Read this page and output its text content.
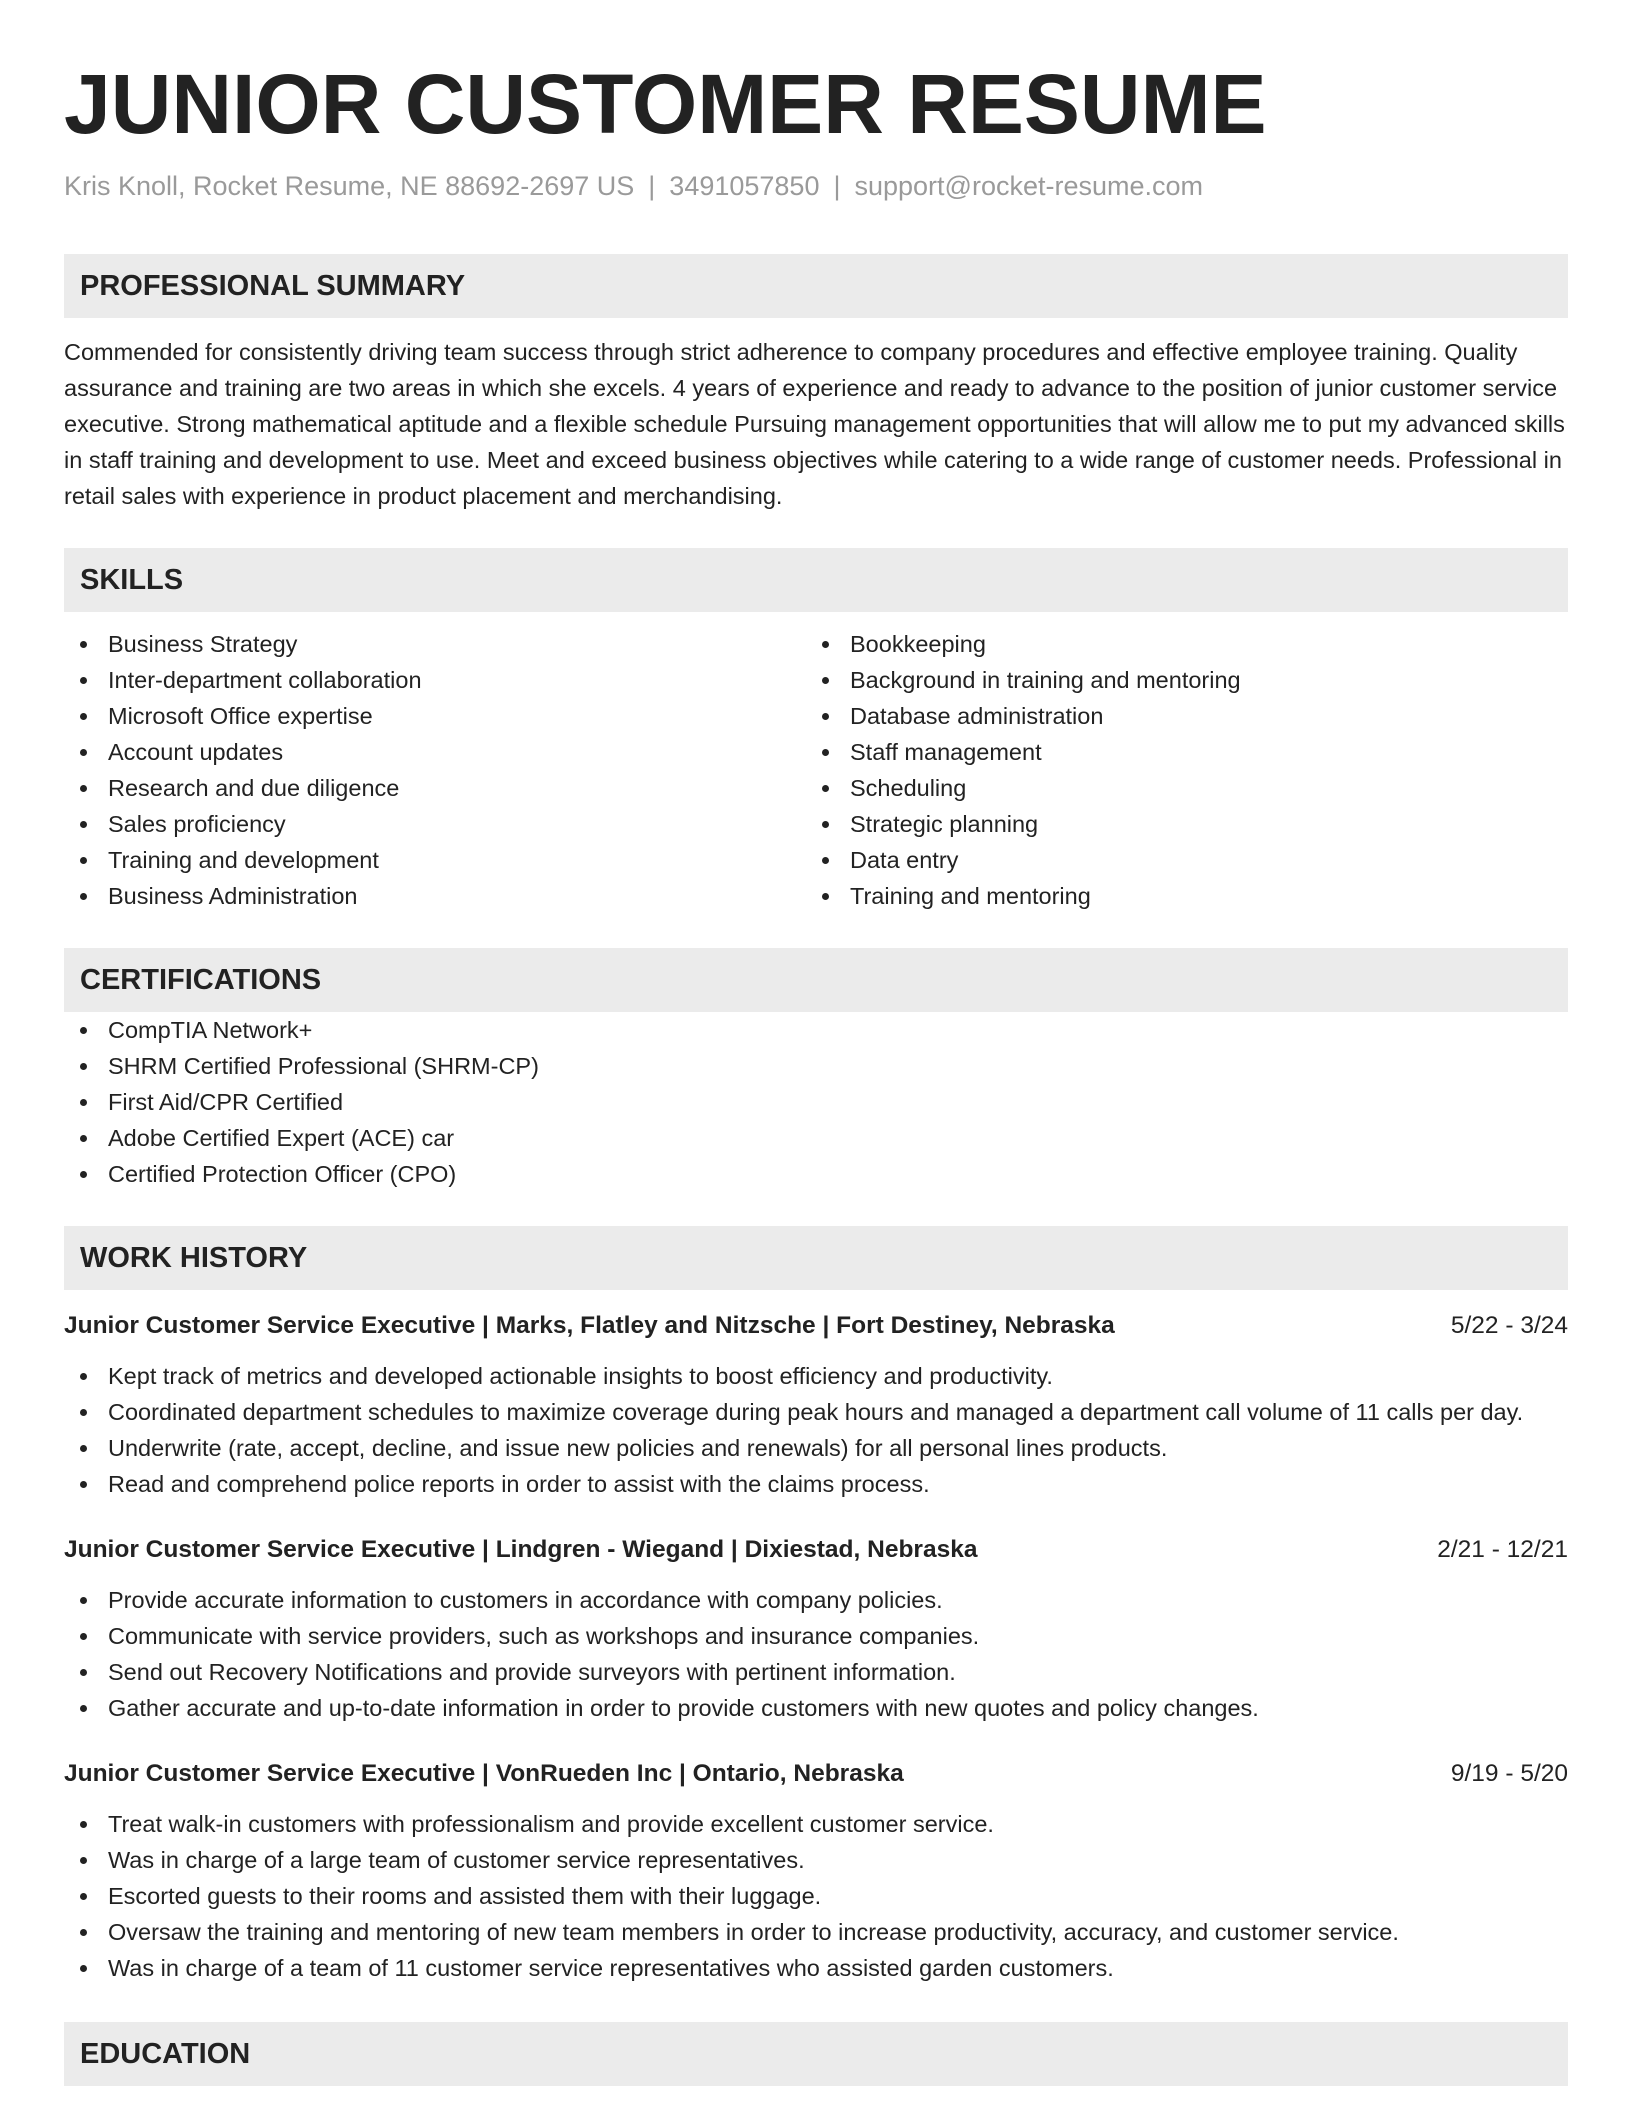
JUNIOR CUSTOMER RESUME
Kris Knoll, Rocket Resume, NE 88692-2697 US | 3491057850 | support@rocket-resume.com
PROFESSIONAL SUMMARY

Commended for consistently driving team success through strict adherence to company procedures and effective employee training. Quality assurance and training are two areas in which she excels. 4 years of experience and ready to advance to the position of junior customer service executive. Strong mathematical aptitude and a flexible schedule Pursuing management opportunities that will allow me to put my advanced skills in staff training and development to use. Meet and exceed business objectives while catering to a wide range of customer needs. Professional in retail sales with experience in product placement and merchandising.

SKILLS
Business Strategy
Inter-department collaboration
Microsoft Office expertise
Account updates
Research and due diligence
Sales proficiency
Training and development
Business Administration
Bookkeeping
Background in training and mentoring
Database administration
Staff management
Scheduling
Strategic planning
Data entry
Training and mentoring
CERTIFICATIONS
CompTIA Network+
SHRM Certified Professional (SHRM-CP)
First Aid/CPR Certified
Adobe Certified Expert (ACE) car
Certified Protection Officer (CPO)
WORK HISTORY
Junior Customer Service Executive | Marks, Flatley and Nitzsche | Fort Destiney, Nebraska	5/22 - 3/24
Kept track of metrics and developed actionable insights to boost efficiency and productivity.
Coordinated department schedules to maximize coverage during peak hours and managed a department call volume of 11 calls per day.
Underwrite (rate, accept, decline, and issue new policies and renewals) for all personal lines products.
Read and comprehend police reports in order to assist with the claims process.
Junior Customer Service Executive | Lindgren - Wiegand | Dixiestad, Nebraska	2/21 - 12/21
Provide accurate information to customers in accordance with company policies.
Communicate with service providers, such as workshops and insurance companies.
Send out Recovery Notifications and provide surveyors with pertinent information.
Gather accurate and up-to-date information in order to provide customers with new quotes and policy changes.
Junior Customer Service Executive | VonRueden Inc | Ontario, Nebraska	9/19 - 5/20
Treat walk-in customers with professionalism and provide excellent customer service.
Was in charge of a large team of customer service representatives.
Escorted guests to their rooms and assisted them with their luggage.
Oversaw the training and mentoring of new team members in order to increase productivity, accuracy, and customer service.
Was in charge of a team of 11 customer service representatives who assisted garden customers.
EDUCATION
